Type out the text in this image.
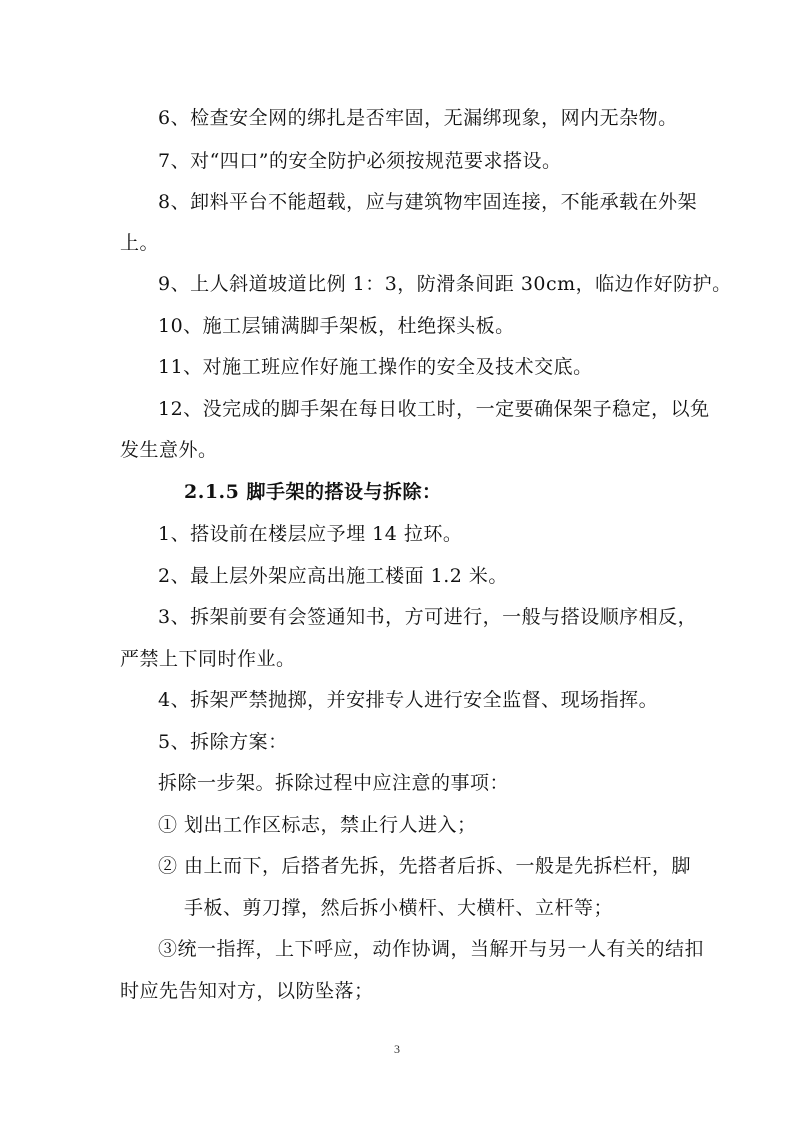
6、检查安全网的绑扎是否牢固，无漏绑现象，网内无杂物。
7、对“四口”的安全防护必须按规范要求搭设。
8、卸料平台不能超载，应与建筑物牢固连接，不能承载在外架
上。
9、上人斜道坡道比例 1：3，防滑条间距 30cm，临边作好防护。
10、施工层铺满脚手架板，杜绝探头板。
11、对施工班应作好施工操作的安全及技术交底。
12、没完成的脚手架在每日收工时，一定要确保架子稳定，以免
发生意外。
2.1.5 脚手架的搭设与拆除：
1、搭设前在楼层应予埋 14 拉环。
2、最上层外架应高出施工楼面 1.2 米。
3、拆架前要有会签通知书，方可进行，一般与搭设顺序相反，
严禁上下同时作业。
4、拆架严禁抛掷，并安排专人进行安全监督、现场指挥。
5、拆除方案：
拆除一步架。拆除过程中应注意的事项：
① 划出工作区标志，禁止行人进入；
② 由上而下，后搭者先拆，先搭者后拆、一般是先拆栏杆，脚
手板、剪刀撑，然后拆小横杆、大横杆、立杆等；
③统一指挥，上下呼应，动作协调，当解开与另一人有关的结扣
时应先告知对方，以防坠落；
3
